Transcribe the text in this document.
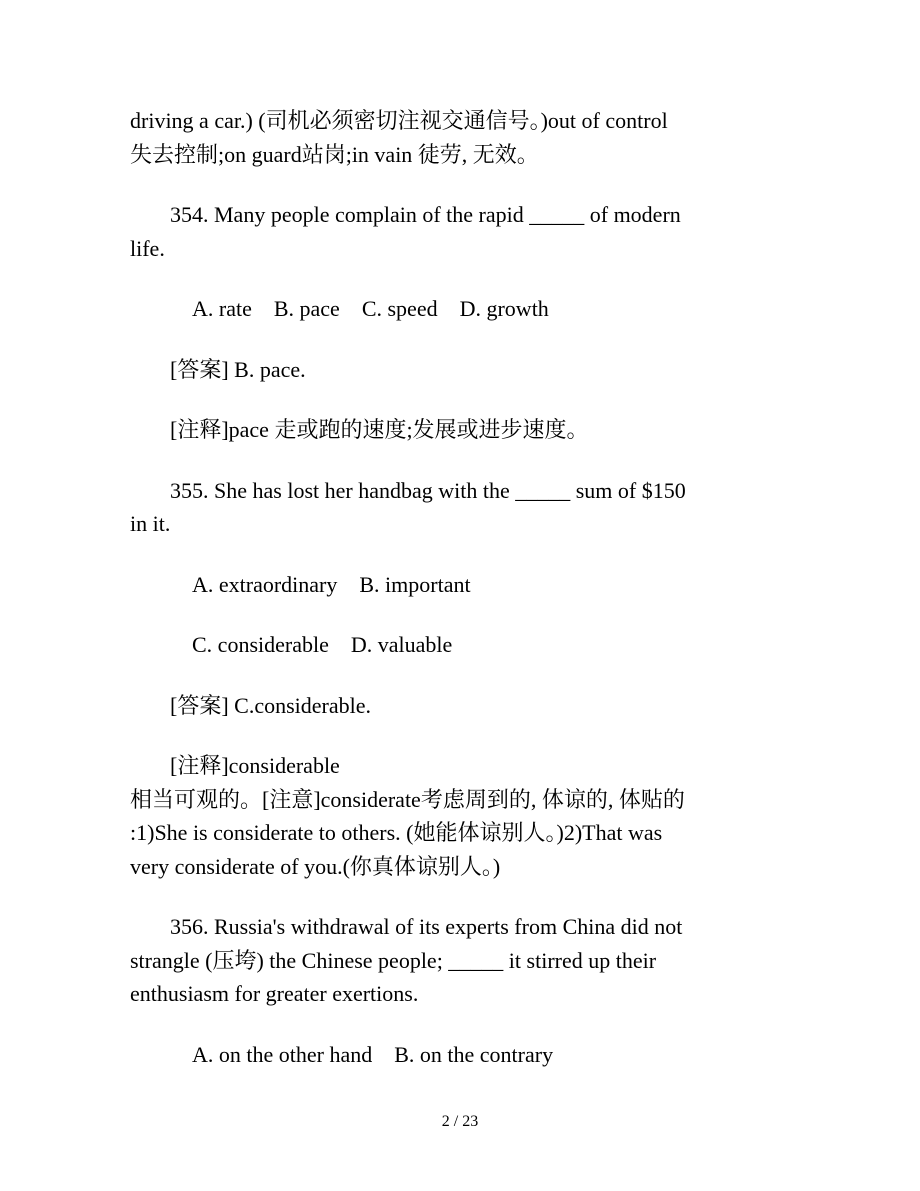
driving a car.) (司机必须密切注视交通信号。)out of control
失去控制;on guard站岗;in vain 徒劳, 无效。
354. Many people complain of the rapid _____ of modern
life.
A. rate    B. pace    C. speed    D. growth
[答案] B. pace.
[注释]pace 走或跑的速度;发展或进步速度。
355. She has lost her handbag with the _____ sum of $150
in it.
A. extraordinary    B. important
C. considerable    D. valuable
[答案] C.considerable.
[注释]considerable
相当可观的。[注意]considerate考虑周到的, 体谅的, 体贴的
:1)She is considerate to others. (她能体谅别人。)2)That was
very considerate of you.(你真体谅别人。)
356. Russia's withdrawal of its experts from China did not
strangle (压垮) the Chinese people; _____ it stirred up their
enthusiasm for greater exertions.
A. on the other hand    B. on the contrary
2 / 23
